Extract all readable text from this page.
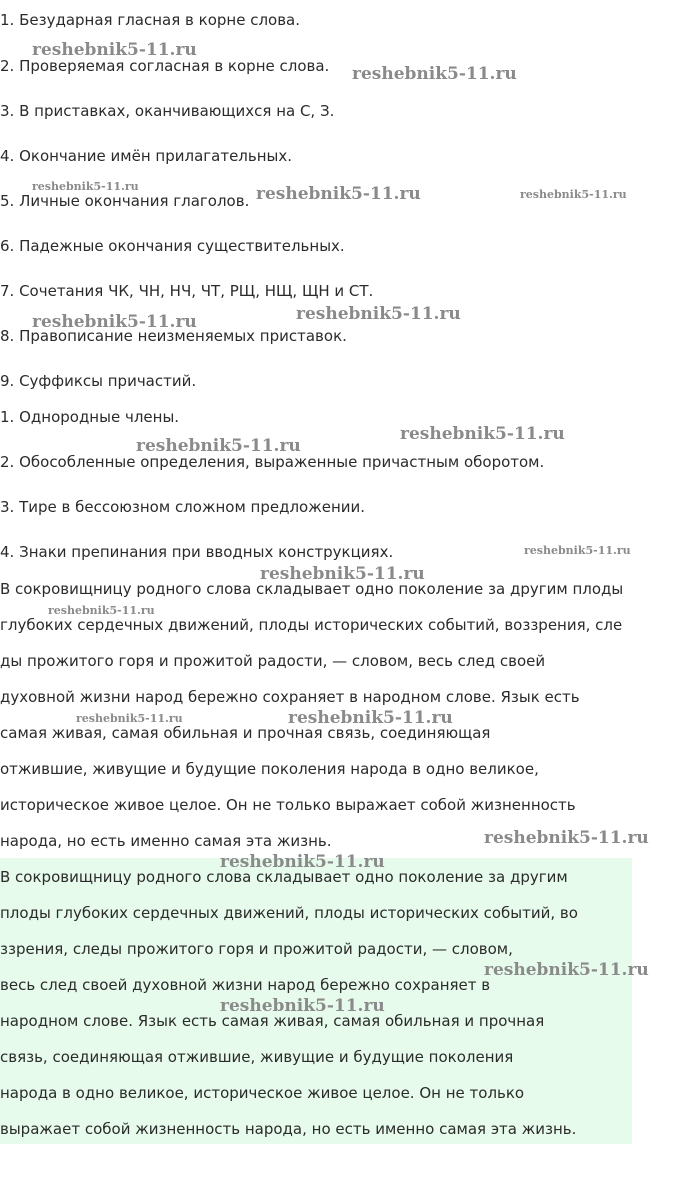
1. Безударная гласная в корне слова.

2. Проверяемая согласная в корне слова.

3. В приставках, оканчивающихся на С, З.

4. Окончание имён прилагательных.

5. Личные окончания глаголов.

6. Падежные окончания существительных.

7. Сочетания ЧК, ЧН, НЧ, ЧТ, РЩ, НЩ, ЩН и СТ.

8. Правописание неизменяемых приставок.

9. Суффиксы причастий.

1. Однородные члены.

2. Обособленные определения, выраженные причастным оборотом.

3. Тире в бессоюзном сложном предложении.

4. Знаки препинания при вводных конструкциях.

В сокровищницу родного слова складывает одно поколение за другим плоды

глубоких сердечных движений, плоды исторических событий, воззрения, сле

ды прожитого горя и прожитой радости, — словом, весь след своей

духовной жизни народ бережно сохраняет в народном слове. Язык есть

самая живая, самая обильная и прочная связь, соединяющая

отжившие, живущие и будущие поколения народа в одно великое,

историческое живое целое. Он не только выражает собой жизненность

народа, но есть именно самая эта жизнь.

В сокровищницу родного слова складывает одно поколение за другим

плоды глубоких сердечных движений, плоды исторических событий, во

ззрения, следы прожитого горя и прожитой радости, — словом,

весь след своей духовной жизни народ бережно сохраняет в

народном слове. Язык есть самая живая, самая обильная и прочная

связь, соединяющая отжившие, живущие и будущие поколения

народа в одно великое, историческое живое целое. Он не только

выражает собой жизненность народа, но есть именно самая эта жизнь.

reshebnik5-11.ru
reshebnik5-11.ru
reshebnik5-11.ru	reshebnik5-11.ru	reshebnik5-11.ru
reshebnik5-11.ru
reshebnik5-11.ru
reshebnik5-11.ru
reshebnik5-11.ru
reshebnik5-11.ru
reshebnik5-11.ru
reshebnik5-11.ru
reshebnik5-11.ru	reshebnik5-11.ru
reshebnik5-11.ru
reshebnik5-11.ru
reshebnik5-11.ru
reshebnik5-11.ru
